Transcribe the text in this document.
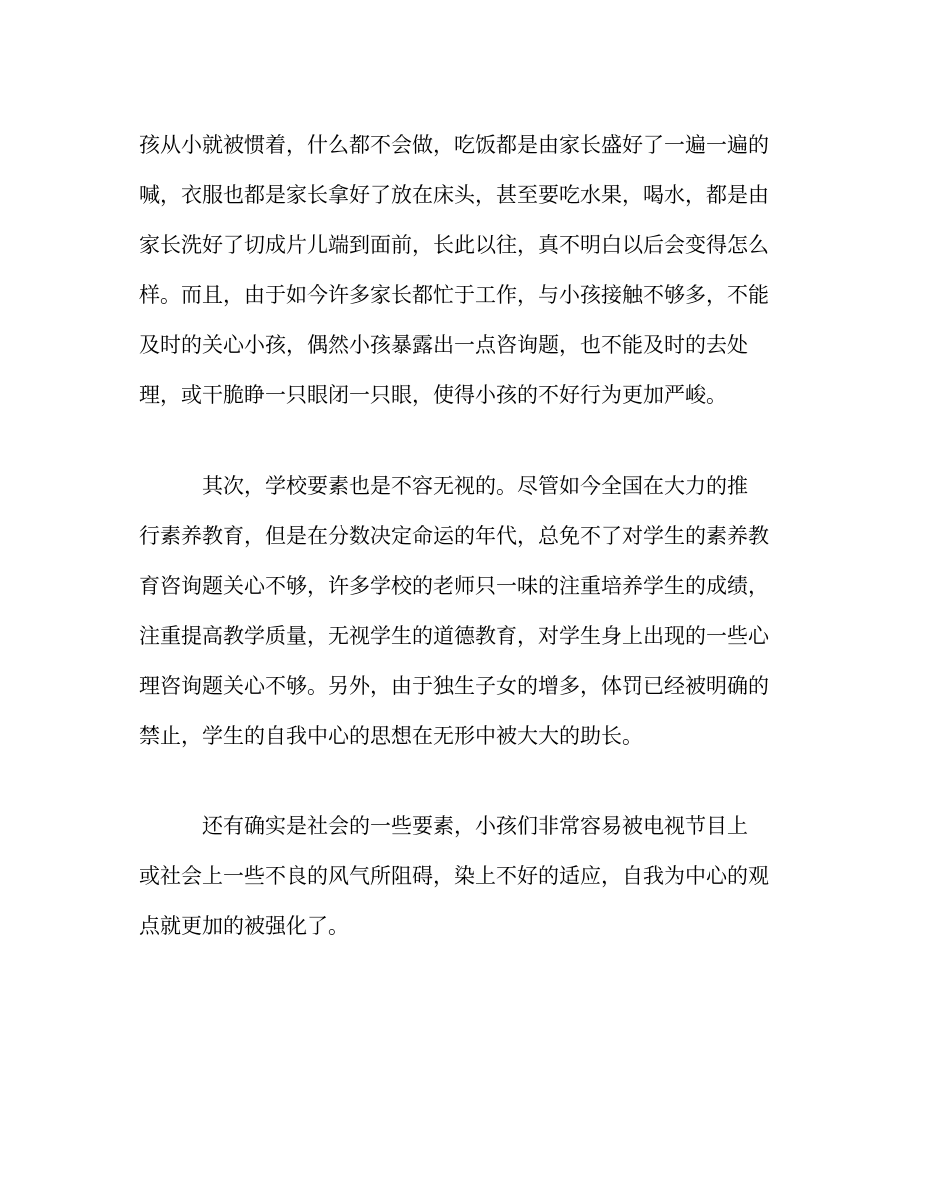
孩从小就被惯着，什么都不会做，吃饭都是由家长盛好了一遍一遍的
喊，衣服也都是家长拿好了放在床头，甚至要吃水果，喝水，都是由
家长洗好了切成片儿端到面前，长此以往，真不明白以后会变得怎么
样。而且，由于如今许多家长都忙于工作，与小孩接触不够多，不能
及时的关心小孩，偶然小孩暴露出一点咨询题，也不能及时的去处
理，或干脆睁一只眼闭一只眼，使得小孩的不好行为更加严峻。
　　　其次，学校要素也是不容无视的。尽管如今全国在大力的推
行素养教育，但是在分数决定命运的年代，总免不了对学生的素养教
育咨询题关心不够，许多学校的老师只一味的注重培养学生的成绩，
注重提高教学质量，无视学生的道德教育，对学生身上出现的一些心
理咨询题关心不够。另外，由于独生子女的增多，体罚已经被明确的
禁止，学生的自我中心的思想在无形中被大大的助长。
　　　还有确实是社会的一些要素，小孩们非常容易被电视节目上
或社会上一些不良的风气所阻碍，染上不好的适应，自我为中心的观
点就更加的被强化了。
